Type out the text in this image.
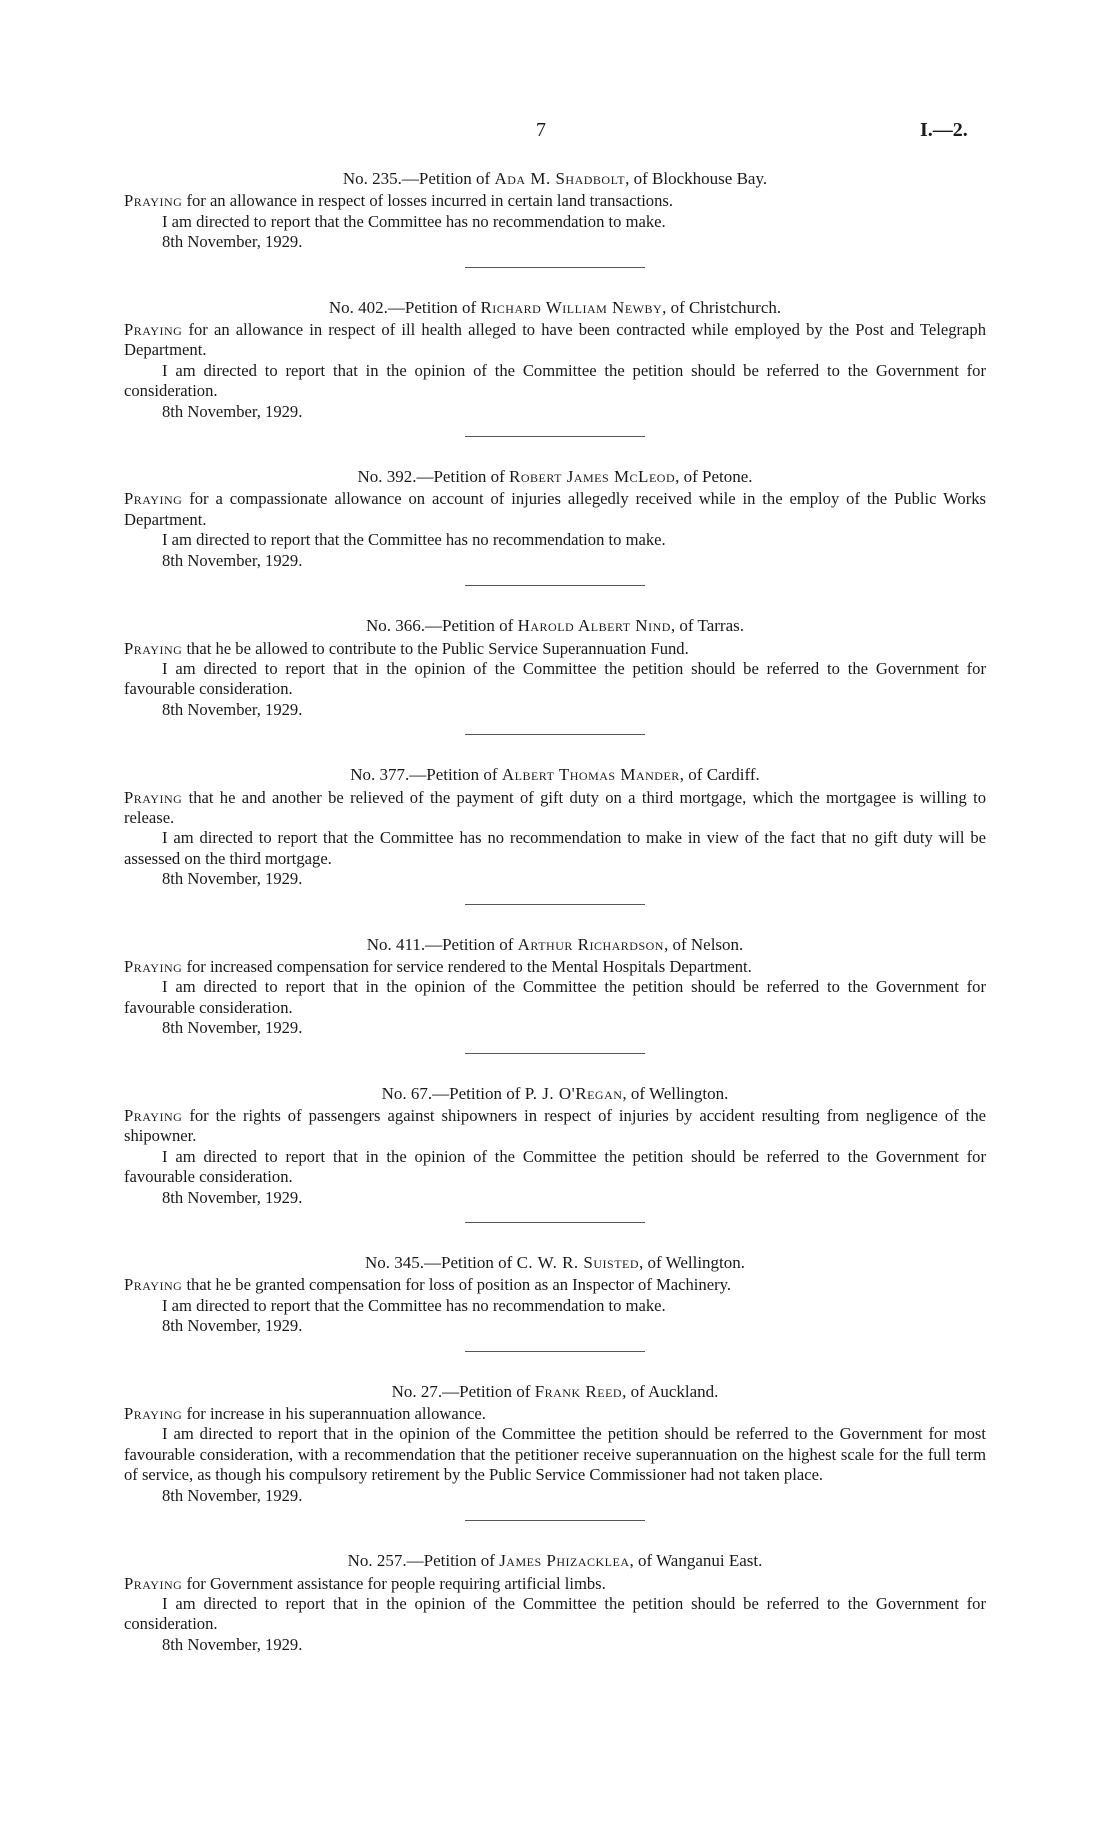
7	I.—2.

No. 235.—Petition of Ada M. Shadbolt, of Blockhouse Bay.

Praying for an allowance in respect of losses incurred in certain land transactions.

I am directed to report that the Committee has no recommendation to make.

8th November, 1929.

No. 402.—Petition of Richard William Newby, of Christchurch.

Praying for an allowance in respect of ill health alleged to have been contracted while employed by the Post and Telegraph Department.

I am directed to report that in the opinion of the Committee the petition should be referred to the Government for consideration.

8th November, 1929.

No. 392.—Petition of Robert James McLeod, of Petone.

Praying for a compassionate allowance on account of injuries allegedly received while in the employ of the Public Works Department.

I am directed to report that the Committee has no recommendation to make.

8th November, 1929.

No. 366.—Petition of Harold Albert Nind, of Tarras.

Praying that he be allowed to contribute to the Public Service Superannuation Fund.

I am directed to report that in the opinion of the Committee the petition should be referred to the Government for favourable consideration.

8th November, 1929.

No. 377.—Petition of Albert Thomas Mander, of Cardiff.

Praying that he and another be relieved of the payment of gift duty on a third mortgage, which the mortgagee is willing to release.

I am directed to report that the Committee has no recommendation to make in view of the fact that no gift duty will be assessed on the third mortgage.

8th November, 1929.

No. 411.—Petition of Arthur Richardson, of Nelson.

Praying for increased compensation for service rendered to the Mental Hospitals Department.

I am directed to report that in the opinion of the Committee the petition should be referred to the Government for favourable consideration.

8th November, 1929.

No. 67.—Petition of P. J. O'Regan, of Wellington.

Praying for the rights of passengers against shipowners in respect of injuries by accident resulting from negligence of the shipowner.

I am directed to report that in the opinion of the Committee the petition should be referred to the Government for favourable consideration.

8th November, 1929.

No. 345.—Petition of C. W. R. Suisted, of Wellington.

Praying that he be granted compensation for loss of position as an Inspector of Machinery.

I am directed to report that the Committee has no recommendation to make.

8th November, 1929.

No. 27.—Petition of Frank Reed, of Auckland.

Praying for increase in his superannuation allowance.

I am directed to report that in the opinion of the Committee the petition should be referred to the Government for most favourable consideration, with a recommendation that the petitioner receive superannuation on the highest scale for the full term of service, as though his compulsory retirement by the Public Service Commissioner had not taken place.

8th November, 1929.

No. 257.—Petition of James Phizacklea, of Wanganui East.

Praying for Government assistance for people requiring artificial limbs.

I am directed to report that in the opinion of the Committee the petition should be referred to the Government for consideration.

8th November, 1929.
